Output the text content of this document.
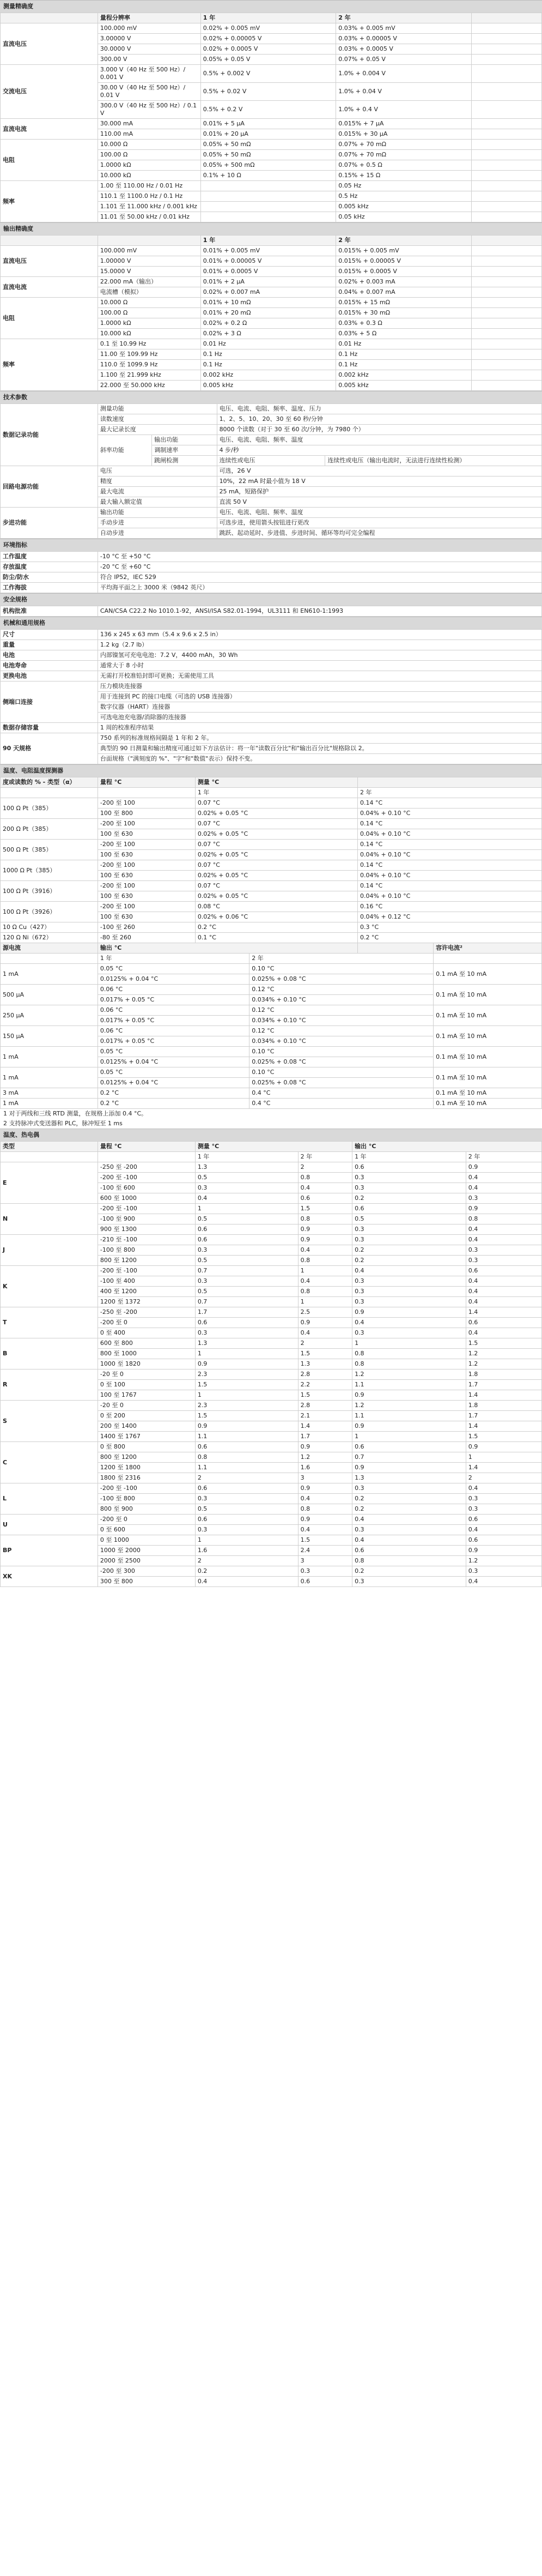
测量精确度
	量程分辨率	1 年	2 年	
直流电压	100.000 mV	0.02% + 0.005 mV	0.03% + 0.005 mV	
	3.00000 V	0.02% + 0.00005 V	0.03% + 0.00005 V	
	30.0000 V	0.02% + 0.0005 V	0.03% + 0.0005 V	
	300.00 V	0.05% + 0.05 V	0.07% + 0.05 V	
交流电压	3.000 V（40 Hz 至 500 Hz）/ 0.001 V	0.5% + 0.002 V	1.0% + 0.004 V	
	30.00 V（40 Hz 至 500 Hz）/ 0.01 V	0.5% + 0.02 V	1.0% + 0.04 V	
	300.0 V（40 Hz 至 500 Hz）/ 0.1 V	0.5% + 0.2 V	1.0% + 0.4 V	
直流电流	30.000 mA	0.01% + 5 μA	0.015% + 7 μA	
	110.00 mA	0.01% + 20 μA	0.015% + 30 μA	
电阻	10.000 Ω	0.05% + 50 mΩ	0.07% + 70 mΩ	
	100.00 Ω	0.05% + 50 mΩ	0.07% + 70 mΩ	
	1.0000 kΩ	0.05% + 500 mΩ	0.07% + 0.5 Ω	
	10.000 kΩ	0.1% + 10 Ω	0.15% + 15 Ω	
频率	1.00 至 110.00 Hz / 0.01 Hz		0.05 Hz	
	110.1 至 1100.0 Hz / 0.1 Hz		0.5 Hz	
	1.101 至 11.000 kHz / 0.001 kHz		0.005 kHz	
	11.01 至 50.00 kHz / 0.01 kHz		0.05 kHz	
输出精确度
		1 年	2 年	
直流电压	100.000 mV	0.01% + 0.005 mV	0.015% + 0.005 mV	
	1.00000 V	0.01% + 0.00005 V	0.015% + 0.00005 V	
	15.0000 V	0.01% + 0.0005 V	0.015% + 0.0005 V	
直流电流	22.000 mA（输出）	0.01% + 2 μA	0.02% + 0.003 mA	
	电流槽（模拟）	0.02% + 0.007 mA	0.04% + 0.007 mA	
电阻	10.000 Ω	0.01% + 10 mΩ	0.015% + 15 mΩ	
	100.00 Ω	0.01% + 20 mΩ	0.015% + 30 mΩ	
	1.0000 kΩ	0.02% + 0.2 Ω	0.03% + 0.3 Ω	
	10.000 kΩ	0.02% + 3 Ω	0.03% + 5 Ω	
频率	0.1 至 10.99 Hz	0.01 Hz	0.01 Hz	
	11.00 至 109.99 Hz	0.1 Hz	0.1 Hz	
	110.0 至 1099.9 Hz	0.1 Hz	0.1 Hz	
	1.100 至 21.999 kHz	0.002 kHz	0.002 kHz	
	22.000 至 50.000 kHz	0.005 kHz	0.005 kHz	
技术参数
数据记录功能	测量功能		电压、电流、电阻、频率、温度、压力	
	读数速度		1、2、5、10、20、30 至 60 秒/分钟	
	最大记录长度		8000 个读数（对于 30 至 60 次/分钟，为 7980 个）	
	斜率功能	输出功能	电压、电流、电阻、频率、温度	
		调制速率	4 步/秒	
		跳闸检测	连续性或电压	连续性或电压（输出电流时，无法进行连续性检测）
回路电源功能	电压		可选，26 V	
	精度		10%，22 mA 时最小值为 18 V	
	最大电流		25 mA，短路保护	
	最大输入额定值		直流 50 V	
步进功能	输出功能		电压、电流、电阻、频率、温度	
	手动步进		可选步进，使用箭头按钮进行更改	
	自动步进		跳跃、起动延时、步进值、步进时间、循环等均可完全编程	
环境指标
工作温度	-10 °C 至 +50 °C
存放温度	-20 °C 至 +60 °C
防尘/防水	符合 IP52，IEC 529
工作海拔	平均海平面之上 3000 米（9842 英尺）
安全规格
机构批准	CAN/CSA C22.2 No 1010.1-92，ANSI/ISA S82.01-1994，UL3111 和 EN610-1:1993
机械和通用规格
尺寸	136 x 245 x 63 mm（5.4 x 9.6 x 2.5 in）
重量	1.2 kg（2.7 lb）
电池	内部镍氢可充电电池：7.2 V，4400 mAh，30 Wh
电池寿命	通常大于 8 小时
更换电池	无需打开校准铅封即可更换；无需使用工具
侧端口连接	压力模块连接器
	用于连接到 PC 的接口电缆（可选的 USB 连接器）
	数字仪器（HART）连接器
	可选电池充电器/消除器的连接器
数据存储容量	1 周的校准程序结果
90 天规格	750 系列的标准规格间隔是 1 年和 2 年。
	典型的 90 日测量和输出精度可通过如下方法估计：将一年"读数百分比"和"输出百分比"规格除以 2。
	台面规格（"满刻度的 %"、"字"和"数值"表示）保持不变。
温度、电阻温度探测器
度或读数的 % - 类型（α）	量程 °C	测量 °C			
		1 年		2 年	
100 Ω Pt（385）	-200 至 100	0.07 °C		0.14 °C	
	100 至 800	0.02% + 0.05 °C		0.04% + 0.10 °C	
200 Ω Pt（385）	-200 至 100	0.07 °C		0.14 °C	
	100 至 630	0.02% + 0.05 °C		0.04% + 0.10 °C	
500 Ω Pt（385）	-200 至 100	0.07 °C		0.14 °C	
	100 至 630	0.02% + 0.05 °C		0.04% + 0.10 °C	
1000 Ω Pt（385）	-200 至 100	0.07 °C		0.14 °C	
	100 至 630	0.02% + 0.05 °C		0.04% + 0.10 °C	
100 Ω Pt（3916）	-200 至 100	0.07 °C		0.14 °C	
	100 至 630	0.02% + 0.05 °C		0.04% + 0.10 °C	
100 Ω Pt（3926）	-200 至 100	0.08 °C		0.16 °C	
	100 至 630	0.02% + 0.06 °C		0.04% + 0.12 °C	
10 Ω Cu（427）	-100 至 260	0.2 °C		0.3 °C	
120 Ω Ni（672）	-80 至 260	0.1 °C		0.2 °C	
源电流	输出 °C				容许电流²
	1 年		2 年		
1 mA	0.05 °C		0.10 °C		0.1 mA 至 10 mA
	0.0125% + 0.04 °C		0.025% + 0.08 °C		
500 μA	0.06 °C		0.12 °C		0.1 mA 至 10 mA
	0.017% + 0.05 °C		0.034% + 0.10 °C		
250 μA	0.06 °C		0.12 °C		0.1 mA 至 10 mA
	0.017% + 0.05 °C		0.034% + 0.10 °C		
150 μA	0.06 °C		0.12 °C		0.1 mA 至 10 mA
	0.017% + 0.05 °C		0.034% + 0.10 °C		
1 mA	0.05 °C		0.10 °C		0.1 mA 至 10 mA
	0.0125% + 0.04 °C		0.025% + 0.08 °C		
1 mA	0.05 °C		0.10 °C		0.1 mA 至 10 mA
	0.0125% + 0.04 °C		0.025% + 0.08 °C		
3 mA	0.2 °C		0.4 °C		0.1 mA 至 10 mA
1 mA	0.2 °C		0.4 °C		0.1 mA 至 10 mA
1 对于两线和三线 RTD 测量，在规格上添加 0.4 °C。
2 支持脉冲式变送器和 PLC，脉冲短至 1 ms
温度、热电偶
类型	量程 °C	测量 °C		输出 °C	
		1 年	2 年	1 年	2 年
E	-250 至 -200	1.3	2	0.6	0.9
	-200 至 -100	0.5	0.8	0.3	0.4
	-100 至 600	0.3	0.4	0.3	0.4
	600 至 1000	0.4	0.6	0.2	0.3
N	-200 至 -100	1	1.5	0.6	0.9
	-100 至 900	0.5	0.8	0.5	0.8
	900 至 1300	0.6	0.9	0.3	0.4
J	-210 至 -100	0.6	0.9	0.3	0.4
	-100 至 800	0.3	0.4	0.2	0.3
	800 至 1200	0.5	0.8	0.2	0.3
K	-200 至 -100	0.7	1	0.4	0.6
	-100 至 400	0.3	0.4	0.3	0.4
	400 至 1200	0.5	0.8	0.3	0.4
	1200 至 1372	0.7	1	0.3	0.4
T	-250 至 -200	1.7	2.5	0.9	1.4
	-200 至 0	0.6	0.9	0.4	0.6
	0 至 400	0.3	0.4	0.3	0.4
B	600 至 800	1.3	2	1	1.5
	800 至 1000	1	1.5	0.8	1.2
	1000 至 1820	0.9	1.3	0.8	1.2
R	-20 至 0	2.3	2.8	1.2	1.8
	0 至 100	1.5	2.2	1.1	1.7
	100 至 1767	1	1.5	0.9	1.4
S	-20 至 0	2.3	2.8	1.2	1.8
	0 至 200	1.5	2.1	1.1	1.7
	200 至 1400	0.9	1.4	0.9	1.4
	1400 至 1767	1.1	1.7	1	1.5
C	0 至 800	0.6	0.9	0.6	0.9
	800 至 1200	0.8	1.2	0.7	1
	1200 至 1800	1.1	1.6	0.9	1.4
	1800 至 2316	2	3	1.3	2
L	-200 至 -100	0.6	0.9	0.3	0.4
	-100 至 800	0.3	0.4	0.2	0.3
	800 至 900	0.5	0.8	0.2	0.3
U	-200 至 0	0.6	0.9	0.4	0.6
	0 至 600	0.3	0.4	0.3	0.4
BP	0 至 1000	1	1.5	0.4	0.6
	1000 至 2000	1.6	2.4	0.6	0.9
	2000 至 2500	2	3	0.8	1.2
XK	-200 至 300	0.2	0.3	0.2	0.3
	300 至 800	0.4	0.6	0.3	0.4
